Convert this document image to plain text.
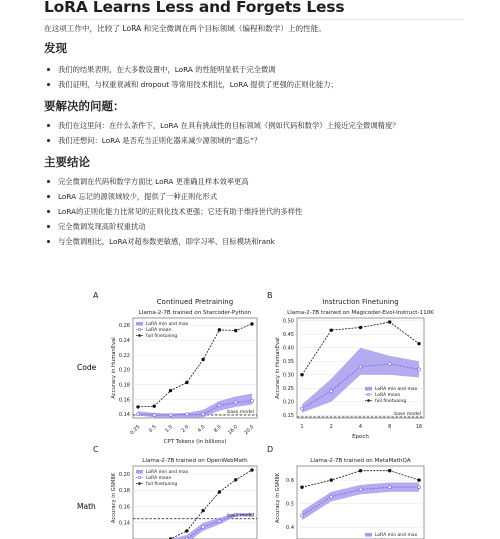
LoRA Learns Less and Forgets Less
在这项工作中，比较了 LoRA 和完全微调在两个目标领域（编程和数学）上的性能。
发现
我们的结果表明，在大多数设置中，LoRA 的性能明显低于完全微调
我们证明，与权重衰减和 dropout 等常用技术相比，LoRA 提供了更强的正则化能力；
要解决的问题：
我们在这里问：在什么条件下，LoRA 在具有挑战性的目标领域（例如代码和数学）上接近完全微调精度？
我们还想问：LoRA 是否充当正则化器来减少源领域的“遗忘”？
主要结论
完全微调在代码和数学方面比 LoRA 更准确且样本效率更高
LoRA 忘记的源领域较少，提供了一种正则化形式
LoRA的正则化能力比常见的正则化技术更强；它还有助于维持世代的多样性
完全微调发现高阶权重扰动
与全微调相比，LoRA对超参数更敏感，即学习率、目标模块和rank
Code
Math
A
Continued Pretraining
Llama-2-7B trained on Starcoder-Python
0.14
0.16
0.18
0.20
0.22
0.24
0.26
0.25 0.5 1.0 2.0 4.0 8.0 16.0 20.0
CPT Tokens (in billions)
Accuracy in HumanEval
base model
LoRA min and max
LoRA mean
full finetuning
B
Instruction Finetuning
Llama-2-7B trained on Magicoder-Evol-Instruct-110K
0.15
0.20
0.25
0.30
0.35
0.40
0.45
0.50
1	2	4	8	16
Epoch
Accuracy in HumanEval
base model
LoRA min and max
LoRA mean
full finetuning
C
Llama-2-7B trained on OpenWebMath
0.14
0.16
0.18
0.20
Accuracy in GSM8K	base model
LoRA min and max
LoRA mean
full finetuning
D
Llama-2-7B trained on MetaMathQA
0.4
0.5
0.6
Accuracy in GSM8K
LoRA min and max
